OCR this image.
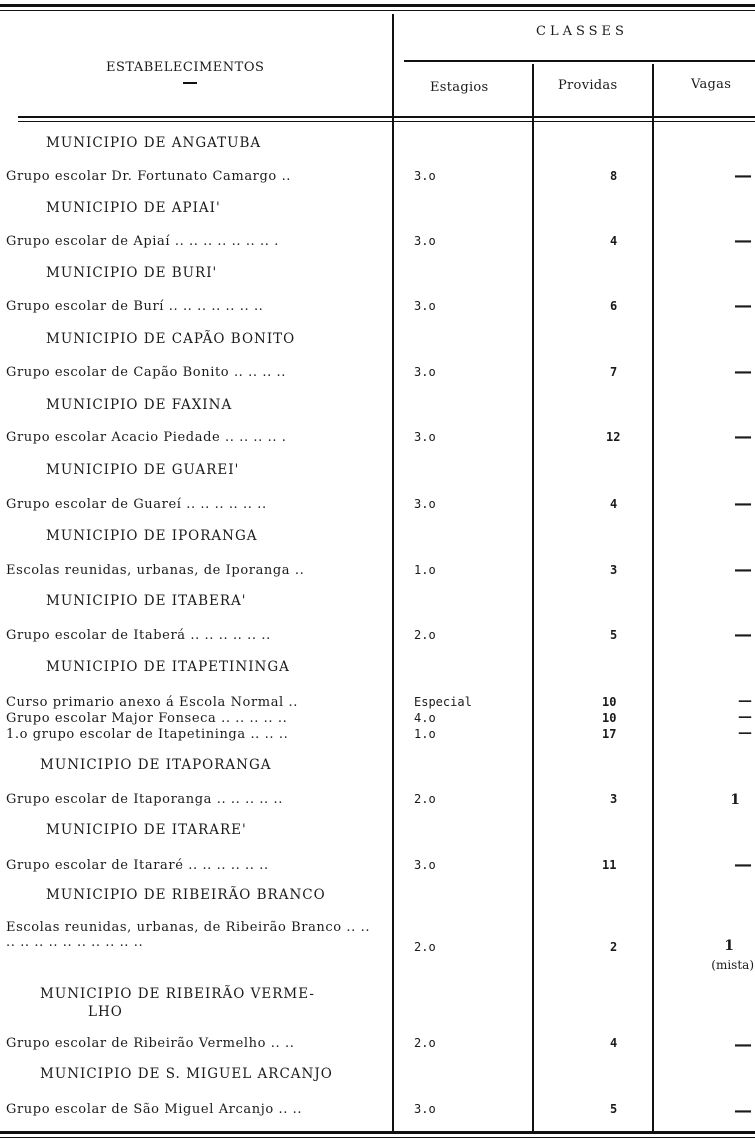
ESTABELECIMENTOS
CLASSES
Estagios	Providas	Vagas
MUNICIPIO DE ANGATUBA
Grupo escolar Dr. Fortunato Camargo ..	3.o	8	—
MUNICIPIO DE APIAI'
Grupo escolar de Apiaí .. .. .. .. .. .. .. .	3.o	4	—
MUNICIPIO DE BURI'
Grupo escolar de Burí .. .. .. .. .. .. ..	3.o	6	—
MUNICIPIO DE CAPÃO BONITO
Grupo escolar de Capão Bonito .. .. .. ..	3.o	7	—
MUNICIPIO DE FAXINA
Grupo escolar Acacio Piedade .. .. .. .. .	3.o	12	—
MUNICIPIO DE GUAREI'
Grupo escolar de Guareí .. .. .. .. .. ..	3.o	4	—
MUNICIPIO DE IPORANGA
Escolas reunidas, urbanas, de Iporanga ..	1.o	3	—
MUNICIPIO DE ITABERA'
Grupo escolar de Itaberá .. .. .. .. .. ..	2.o	5	—
MUNICIPIO DE ITAPETININGA
Curso primario anexo á Escola Normal ..	Especial	10	—
Grupo escolar Major Fonseca .. .. .. .. ..	4.o	10	—
1.o grupo escolar de Itapetininga .. .. ..	1.o	17	—
MUNICIPIO DE ITAPORANGA
Grupo escolar de Itaporanga .. .. .. .. ..	2.o	3	1
MUNICIPIO DE ITARARE'
Grupo escolar de Itararé .. .. .. .. .. ..	3.o	11	—
MUNICIPIO DE RIBEIRÃO BRANCO
Escolas reunidas, urbanas, de Ribeirão Branco .. .. .. .. .. .. .. .. .. .. .. ..	2.o	2	1
(mista)
MUNICIPIO DE RIBEIRÃO VERME-
LHO
Grupo escolar de Ribeirão Vermelho .. ..	2.o	4	—
MUNICIPIO DE S. MIGUEL ARCANJO
Grupo escolar de São Miguel Arcanjo .. ..	3.o	5	—
